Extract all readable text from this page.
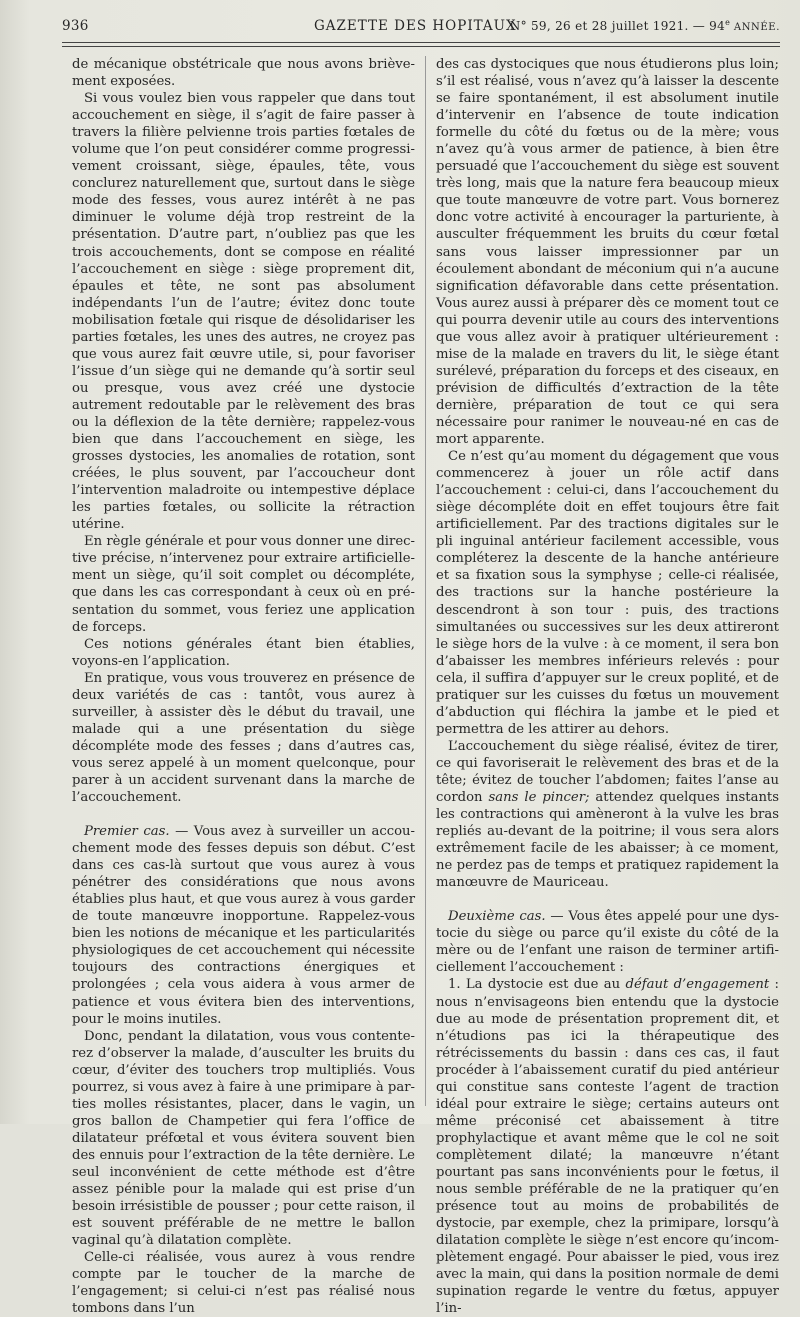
936	GAZETTE DES HOPITAUX
N° 59, 26 et 28 juillet 1921. — 94e ANNÉE.

de mécanique obstétricale que nous avons brièvement exposées.

Si vous voulez bien vous rappeler que dans tout accouchement en siège, il s’agit de faire passer à travers la filière pelvienne trois parties fœtales de volume que l’on peut considérer comme progressivement croissant, siège, épaules, tête, vous conclurez naturellement que, surtout dans le siège mode des fesses, vous aurez intérêt à ne pas diminuer le volume déjà trop restreint de la présentation. D’autre part, n’oubliez pas que les trois accouchements, dont se compose en réalité l’accouchement en siège : siège proprement dit, épaules et tête, ne sont pas absolument indépendants l’un de l’autre; évitez donc toute mobilisation fœtale qui risque de désolidariser les parties fœtales, les unes des autres, ne croyez pas que vous aurez fait œuvre utile, si, pour favoriser l’issue d’un siège qui ne demande qu’à sortir seul ou presque, vous avez créé une dystocie autrement redoutable par le relèvement des bras ou la déflexion de la tête dernière; rappelez-vous bien que dans l’accouchement en siège, les grosses dystocies, les anomalies de rotation, sont créées, le plus souvent, par l’accoucheur dont l’intervention maladroite ou intempestive déplace les parties fœtales, ou sollicite la rétraction utérine.

En règle générale et pour vous donner une directive précise, n’intervenez pour extraire artificiellement un siège, qu’il soit complet ou décompléte, que dans les cas correspondant à ceux où en présentation du sommet, vous feriez une application de forceps.

Ces notions générales étant bien établies, voyons-en l’application.

En pratique, vous vous trouverez en présence de deux variétés de cas : tantôt, vous aurez à surveiller, à assister dès le début du travail, une malade qui a une présentation du siège décompléte mode des fesses ; dans d’autres cas, vous serez appelé à un moment quelconque, pour parer à un accident survenant dans la marche de l’accouchement.

Premier cas. — Vous avez à surveiller un accouchement mode des fesses depuis son début. C’est dans ces cas-là surtout que vous aurez à vous pénétrer des considérations que nous avons établies plus haut, et que vous aurez à vous garder de toute manœuvre inopportune. Rappelez-vous bien les notions de mécanique et les particularités physiologiques de cet accouchement qui nécessite toujours des contractions énergiques et prolongées ; cela vous aidera à vous armer de patience et vous évitera bien des interventions, pour le moins inutiles.

Donc, pendant la dilatation, vous vous contenterez d’observer la malade, d’ausculter les bruits du cœur, d’éviter des touchers trop multipliés. Vous pourrez, si vous avez à faire à une primipare à parties molles résistantes, placer, dans le vagin, un gros ballon de Champetier qui fera l’office de dilatateur préfœtal et vous évitera souvent bien des ennuis pour l’extraction de la tête dernière. Le seul inconvénient de cette méthode est d’être assez pénible pour la malade qui est prise d’un besoin irrésistible de pousser ; pour cette raison, il est souvent préférable de ne mettre le ballon vaginal qu’à dilatation complète.

Celle-ci réalisée, vous aurez à vous rendre compte par le toucher de la marche de l’engagement; si celui-ci n’est pas réalisé nous tombons dans l’un

des cas dystociques que nous étudierons plus loin; s’il est réalisé, vous n’avez qu’à laisser la descente se faire spontanément, il est absolument inutile d’intervenir en l’absence de toute indication formelle du côté du fœtus ou de la mère; vous n’avez qu’à vous armer de patience, à bien être persuadé que l’accouchement du siège est souvent très long, mais que la nature fera beaucoup mieux que toute manœuvre de votre part. Vous bornerez donc votre activité à encourager la parturiente, à ausculter fréquemment les bruits du cœur fœtal sans vous laisser impressionner par un écoulement abondant de méconium qui n’a aucune signification défavorable dans cette présentation. Vous aurez aussi à préparer dès ce moment tout ce qui pourra devenir utile au cours des interventions que vous allez avoir à pratiquer ultérieurement : mise de la malade en travers du lit, le siège étant surélevé, préparation du forceps et des ciseaux, en prévision de difficultés d’extraction de la tête dernière, préparation de tout ce qui sera nécessaire pour ranimer le nouveau-né en cas de mort apparente.

Ce n’est qu’au moment du dégagement que vous commencerez à jouer un rôle actif dans l’accouchement : celui-ci, dans l’accouchement du siège décompléte doit en effet toujours être fait artificiellement. Par des tractions digitales sur le pli inguinal antérieur facilement accessible, vous compléterez la descente de la hanche antérieure et sa fixation sous la symphyse ; celle-ci réalisée, des tractions sur la hanche postérieure la descendront à son tour : puis, des tractions simultanées ou successives sur les deux attireront le siège hors de la vulve : à ce moment, il sera bon d’abaisser les membres inférieurs relevés : pour cela, il suffira d’appuyer sur le creux poplité, et de pratiquer sur les cuisses du fœtus un mouvement d’abduction qui fléchira la jambe et le pied et permettra de les attirer au dehors.

L’accouchement du siège réalisé, évitez de tirer, ce qui favoriserait le relèvement des bras et de la tête; évitez de toucher l’abdomen; faites l’anse au cordon sans le pincer; attendez quelques instants les contractions qui amèneront à la vulve les bras repliés au-devant de la poitrine; il vous sera alors extrêmement facile de les abaisser; à ce moment, ne perdez pas de temps et pratiquez rapidement la manœuvre de Mauriceau.

Deuxième cas. — Vous êtes appelé pour une dystocie du siège ou parce qu’il existe du côté de la mère ou de l’enfant une raison de terminer artificiellement l’accouchement :

1. La dystocie est due au défaut d’engagement : nous n’envisageons bien entendu que la dystocie due au mode de présentation proprement dit, et n’étudions pas ici la thérapeutique des rétrécissements du bassin : dans ces cas, il faut procéder à l’abaissement curatif du pied antérieur qui constitue sans conteste l’agent de traction idéal pour extraire le siège; certains auteurs ont même préconisé cet abaissement à titre prophylactique et avant même que le col ne soit complètement dilaté; la manœuvre n’étant pourtant pas sans inconvénients pour le fœtus, il nous semble préférable de ne la pratiquer qu’en présence tout au moins de probabilités de dystocie, par exemple, chez la primipare, lorsqu’à dilatation complète le siège n’est encore qu’incomplètement engagé. Pour abaisser le pied, vous irez avec la main, qui dans la position normale de demi supination regarde le ventre du fœtus, appuyer l’in-
